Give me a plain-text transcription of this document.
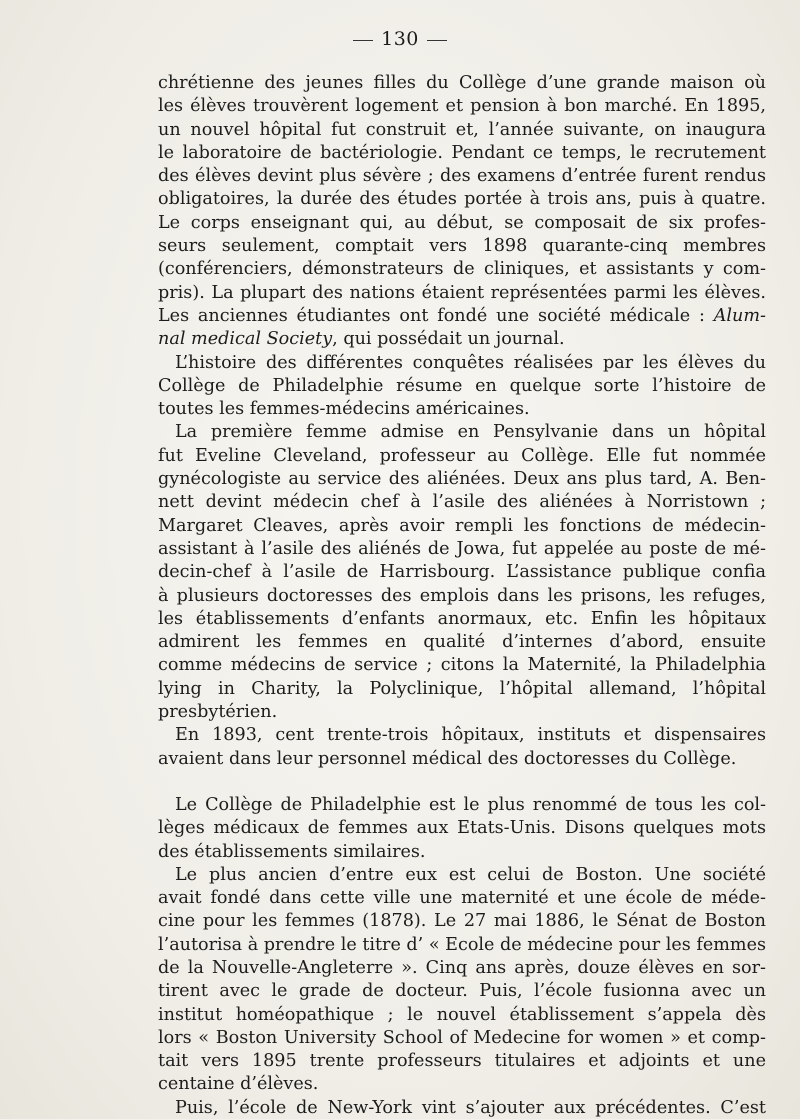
130
chrétienne des jeunes filles du Collège d’une grande maison où
les élèves trouvèrent logement et pension à bon marché. En 1895,
un nouvel hôpital fut construit et, l’année suivante, on inaugura
le laboratoire de bactériologie. Pendant ce temps, le recrutement
des élèves devint plus sévère ; des examens d’entrée furent rendus
obligatoires, la durée des études portée à trois ans, puis à quatre.
Le corps enseignant qui, au début, se composait de six profes-
seurs seulement, comptait vers 1898 quarante-cinq membres
(conférenciers, démonstrateurs de cliniques, et assistants y com-
pris). La plupart des nations étaient représentées parmi les élèves.
Les anciennes étudiantes ont fondé une société médicale : Alum-
nal medical Society, qui possédait un journal.
L’histoire des différentes conquêtes réalisées par les élèves du
Collège de Philadelphie résume en quelque sorte l’histoire de
toutes les femmes-médecins américaines.
La première femme admise en Pensylvanie dans un hôpital
fut Eveline Cleveland, professeur au Collège. Elle fut nommée
gynécologiste au service des aliénées. Deux ans plus tard, A. Ben-
nett devint médecin chef à l’asile des aliénées à Norristown ;
Margaret Cleaves, après avoir rempli les fonctions de médecin-
assistant à l’asile des aliénés de Jowa, fut appelée au poste de mé-
decin-chef à l’asile de Harrisbourg. L’assistance publique confia
à plusieurs doctoresses des emplois dans les prisons, les refuges,
les établissements d’enfants anormaux, etc. Enfin les hôpitaux
admirent les femmes en qualité d’internes d’abord, ensuite
comme médecins de service ; citons la Maternité, la Philadelphia
lying in Charity, la Polyclinique, l’hôpital allemand, l’hôpital
presbytérien.
En 1893, cent trente-trois hôpitaux, instituts et dispensaires
avaient dans leur personnel médical des doctoresses du Collège.
Le Collège de Philadelphie est le plus renommé de tous les col-
lèges médicaux de femmes aux Etats-Unis. Disons quelques mots
des établissements similaires.
Le plus ancien d’entre eux est celui de Boston. Une société
avait fondé dans cette ville une maternité et une école de méde-
cine pour les femmes (1878). Le 27 mai 1886, le Sénat de Boston
l’autorisa à prendre le titre d’ « Ecole de médecine pour les femmes
de la Nouvelle-Angleterre ». Cinq ans après, douze élèves en sor-
tirent avec le grade de docteur. Puis, l’école fusionna avec un
institut homéopathique ; le nouvel établissement s’appela dès
lors « Boston University School of Medecine for women » et comp-
tait vers 1895 trente professeurs titulaires et adjoints et une
centaine d’élèves.
Puis, l’école de New-York vint s’ajouter aux précédentes. C’est
